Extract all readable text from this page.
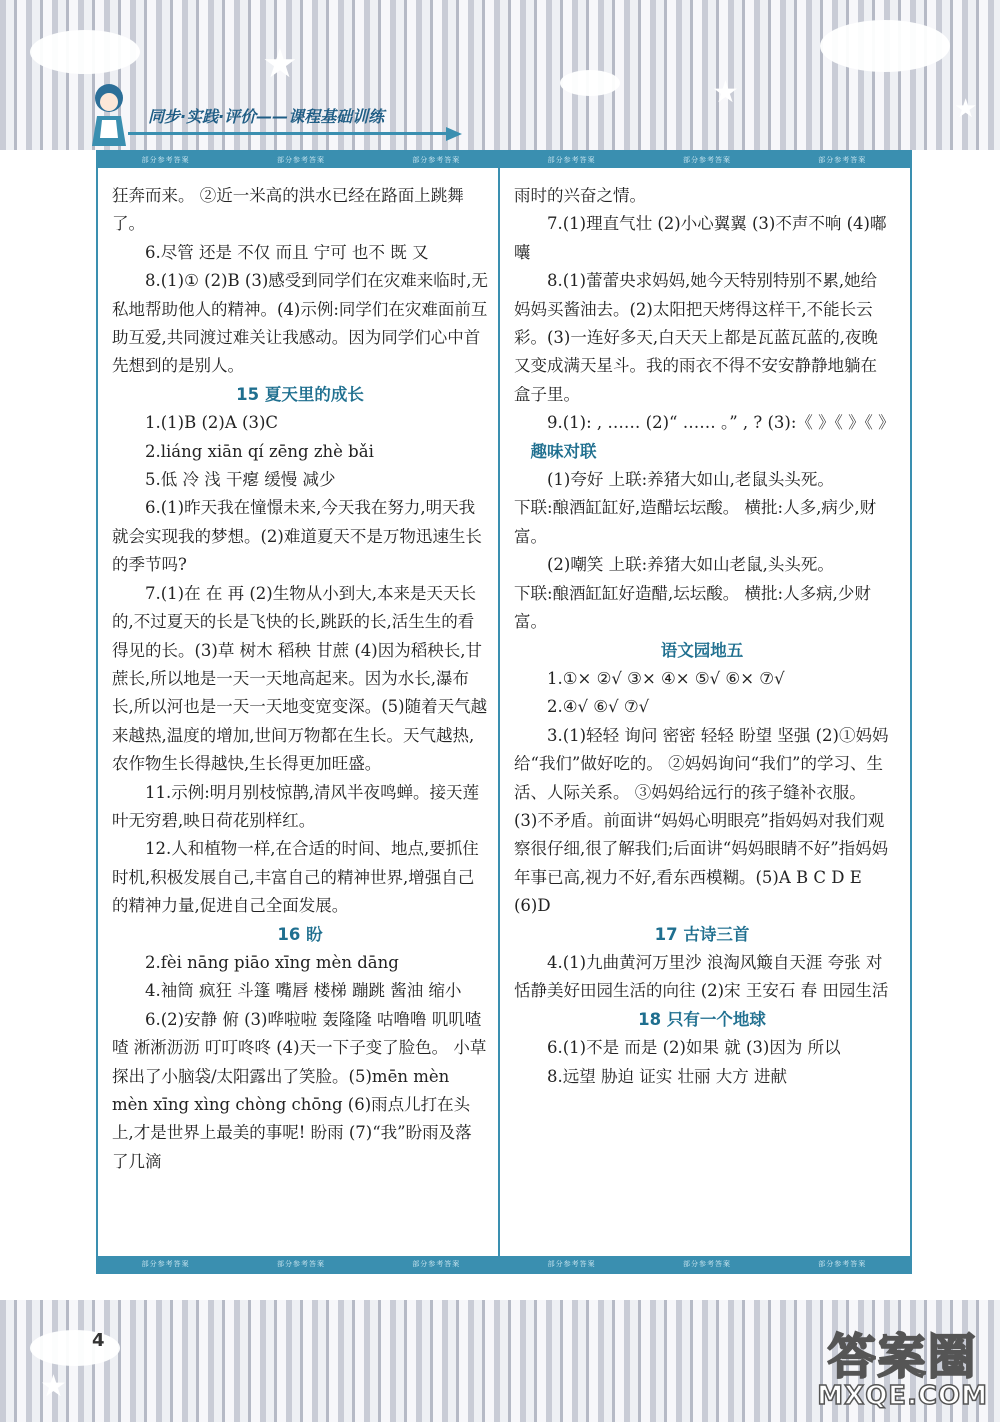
★
★	★
同步·实践·评价——课程基础训练
部分参考答案	部分参考答案	部分参考答案	部分参考答案	部分参考答案	部分参考答案

狂奔而来。 ②近一米高的洪水已经在路面上跳舞了。

6.尽管 还是 不仅 而且 宁可 也不 既 又

8.(1)① (2)B (3)感受到同学们在灾难来临时,无私地帮助他人的精神。(4)示例:同学们在灾难面前互助互爱,共同渡过难关让我感动。因为同学们心中首先想到的是别人。

15 夏天里的成长

1.(1)B (2)A (3)C

2.liáng xiān qí zēng zhè bǎi

5.低 冷 浅 干瘪 缓慢 减少

6.(1)昨天我在憧憬未来,今天我在努力,明天我就会实现我的梦想。(2)难道夏天不是万物迅速生长的季节吗?

7.(1)在 在 再 (2)生物从小到大,本来是天天长的,不过夏天的长是飞快的长,跳跃的长,活生生的看得见的长。(3)草 树木 稻秧 甘蔗 (4)因为稻秧长,甘蔗长,所以地是一天一天地高起来。因为水长,瀑布长,所以河也是一天一天地变宽变深。(5)随着天气越来越热,温度的增加,世间万物都在生长。天气越热,农作物生长得越快,生长得更加旺盛。

11.示例:明月别枝惊鹊,清风半夜鸣蝉。接天莲叶无穷碧,映日荷花别样红。

12.人和植物一样,在合适的时间、地点,要抓住时机,积极发展自己,丰富自己的精神世界,增强自己的精神力量,促进自己全面发展。

16 盼

2.fèi nāng piāo xīng mèn dāng

4.袖筒 疯狂 斗篷 嘴唇 楼梯 蹦跳 酱油 缩小

6.(2)安静 俯 (3)哗啦啦 轰隆隆 咕噜噜 叽叽喳喳 淅淅沥沥 叮叮咚咚 (4)天一下子变了脸色。 小草探出了小脑袋/太阳露出了笑脸。(5)mēn mèn mèn xīng xìng chòng chōng (6)雨点儿打在头上,才是世界上最美的事呢! 盼雨 (7)“我”盼雨及落了几滴

雨时的兴奋之情。

7.(1)理直气壮 (2)小心翼翼 (3)不声不响 (4)嘟囔

8.(1)蕾蕾央求妈妈,她今天特别特别不累,她给妈妈买酱油去。(2)太阳把天烤得这样干,不能长云彩。(3)一连好多天,白天天上都是瓦蓝瓦蓝的,夜晚又变成满天星斗。我的雨衣不得不安安静静地躺在盒子里。

9.(1): , …… (2)“ …… 。” , ? (3):《 》《 》《 》

趣味对联

(1)夸好 上联:养猪大如山,老鼠头头死。

下联:酿酒缸缸好,造醋坛坛酸。 横批:人多,病少,财富。

(2)嘲笑 上联:养猪大如山老鼠,头头死。

下联:酿酒缸缸好造醋,坛坛酸。 横批:人多病,少财富。

语文园地五

1.①× ②√ ③× ④× ⑤√ ⑥× ⑦√

2.④√ ⑥√ ⑦√

3.(1)轻轻 询问 密密 轻轻 盼望 坚强 (2)①妈妈给“我们”做好吃的。 ②妈妈询问“我们”的学习、生活、人际关系。 ③妈妈给远行的孩子缝补衣服。 (3)不矛盾。前面讲“妈妈心明眼亮”指妈妈对我们观察很仔细,很了解我们;后面讲“妈妈眼睛不好”指妈妈年事已高,视力不好,看东西模糊。(5)A B C D E (6)D

17 古诗三首

4.(1)九曲黄河万里沙 浪淘风簸自天涯 夸张 对恬静美好田园生活的向往 (2)宋 王安石 春 田园生活

18 只有一个地球

6.(1)不是 而是 (2)如果 就 (3)因为 所以

8.远望 胁迫 证实 壮丽 大方 进献

部分参考答案	部分参考答案	部分参考答案	部分参考答案	部分参考答案	部分参考答案
★
4	答案圈
MXQE.COM
